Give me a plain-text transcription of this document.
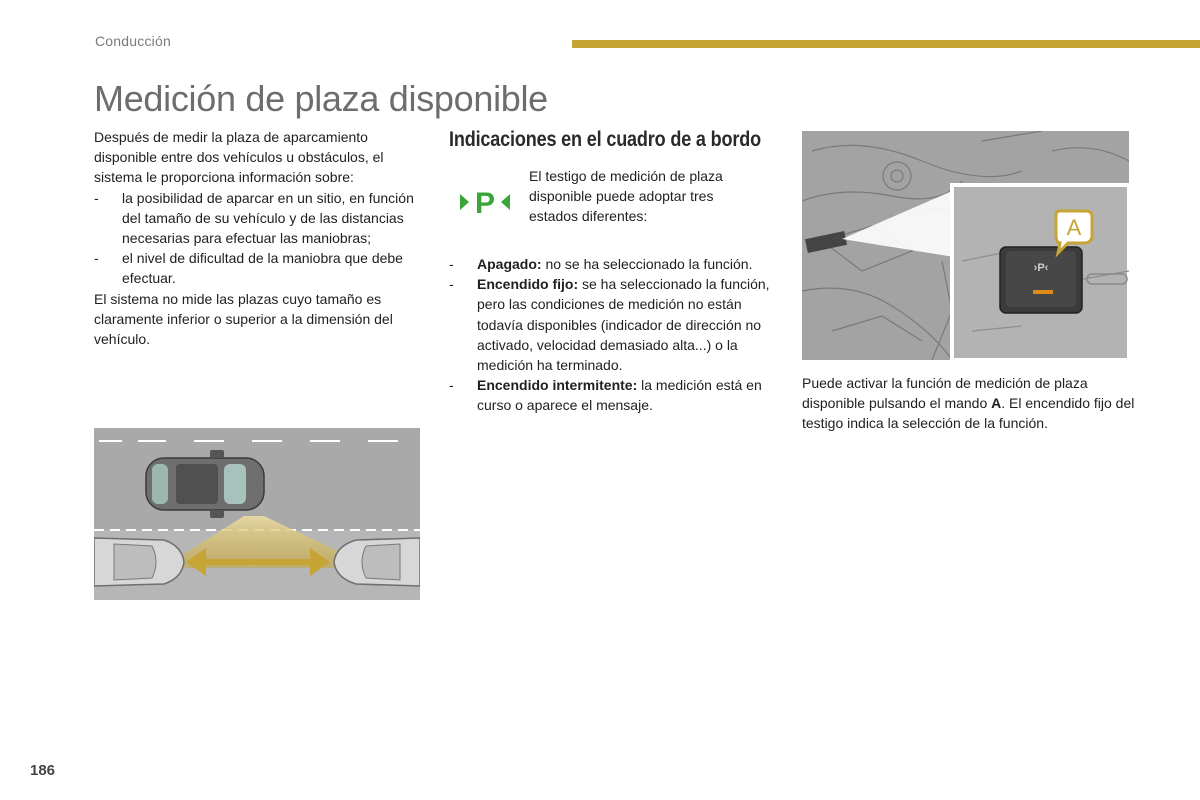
Conducción
Medición de plaza disponible

Después de medir la plaza de aparcamiento disponible entre dos vehículos u obstáculos, el sistema le proporciona información sobre:

- la posibilidad de aparcar en un sitio, en función del tamaño de su vehículo y de las distancias necesarias para efectuar las maniobras;
- el nivel de dificultad de la maniobra que debe efectuar.

El sistema no mide las plazas cuyo tamaño es claramente inferior o superior a la dimensión del vehículo.

Indicaciones en el cuadro de a bordo
P

El testigo de medición de plaza disponible puede adoptar tres estados diferentes:

- Apagado: no se ha seleccionado la función.
- Encendido fijo: se ha seleccionado la función, pero las condiciones de medición no están todavía disponibles (indicador de dirección no activado, velocidad demasiado alta...) o la medición ha terminado.
- Encendido intermitente: la medición está en curso o aparece el mensaje.
›P‹
A

Puede activar la función de medición de plaza disponible pulsando el mando A. El encendido fijo del testigo indica la selección de la función.

186
